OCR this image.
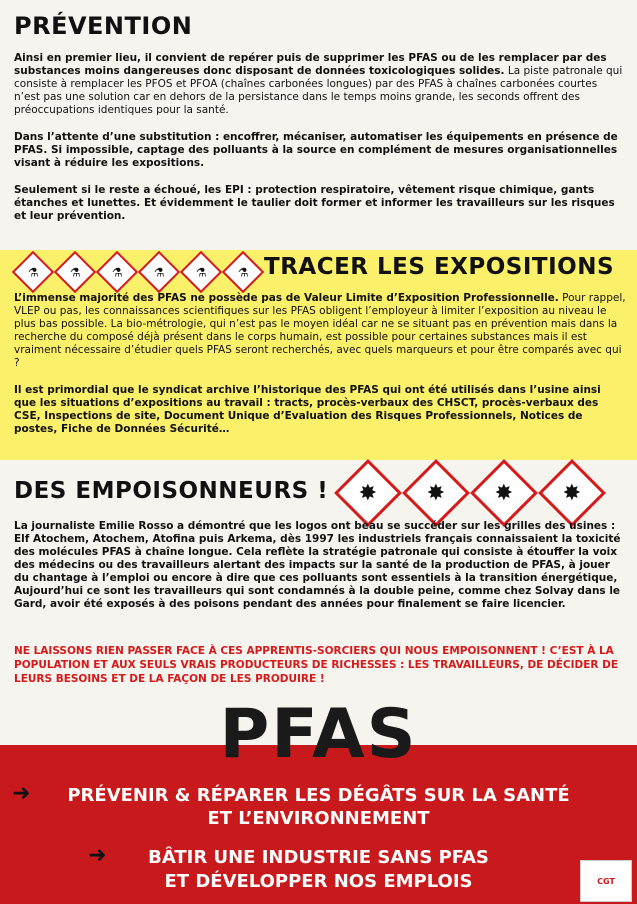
PRÉVENTION

Ainsi en premier lieu, il convient de repérer puis de supprimer les PFAS ou de les remplacer par des substances moins dangereuses donc disposant de données toxicologiques solides. La piste patronale qui consiste à remplacer les PFOS et PFOA (chaînes carbonées longues) par des PFAS à chaînes carbonées courtes n’est pas une solution car en dehors de la persistance dans le temps moins grande, les seconds offrent des préoccupations identiques pour la santé.

Dans l’attente d’une substitution : encoffrer, mécaniser, automatiser les équipements en présence de PFAS. Si impossible, captage des polluants à la source en complément de mesures organisationnelles visant à réduire les expositions.

Seulement si le reste a échoué, les EPI : protection respiratoire, vêtement risque chimique, gants étanches et lunettes. Et évidemment le taulier doit former et informer les travailleurs sur les risques et leur prévention.

⚗	⚗	⚗	⚗	⚗	⚗ TRACER LES EXPOSITIONS

L’immense majorité des PFAS ne possède pas de Valeur Limite d’Exposition Professionnelle. Pour rappel, VLEP ou pas, les connaissances scientifiques sur les PFAS obligent l’employeur à limiter l’exposition au niveau le plus bas possible. La bio-métrologie, qui n’est pas le moyen idéal car ne se situant pas en prévention mais dans la recherche du composé déjà présent dans le corps humain, est possible pour certaines substances mais il est vraiment nécessaire d’étudier quels PFAS seront recherchés, avec quels marqueurs et pour être comparés avec qui ?

Il est primordial que le syndicat archive l’historique des PFAS qui ont été utilisés dans l’usine ainsi que les situations d’expositions au travail : tracts, procès-verbaux des CHSCT, procès-verbaux des CSE, Inspections de site, Document Unique d’Evaluation des Risques Professionnels, Notices de postes, Fiche de Données Sécurité…

DES EMPOISONNEURS ! ✸ ✸ ✸ ✸

La journaliste Emilie Rosso a démontré que les logos ont beau se succéder sur les grilles des usines : Elf Atochem, Atochem, Atofina puis Arkema, dès 1997 les industriels français connaissaient la toxicité des molécules PFAS à chaîne longue. Cela reflète la stratégie patronale qui consiste à étouffer la voix des médecins ou des travailleurs alertant des impacts sur la santé de la production de PFAS, à jouer du chantage à l’emploi ou encore à dire que ces polluants sont essentiels à la transition énergétique, Aujourd’hui ce sont les travailleurs qui sont condamnés à la double peine, comme chez Solvay dans le Gard, avoir été exposés à des poisons pendant des années pour finalement se faire licencier.

NE LAISSONS RIEN PASSER FACE À CES APPRENTIS-SORCIERS QUI NOUS EMPOISONNENT ! C’EST À LA POPULATION ET AUX SEULS VRAIS PRODUCTEURS DE RICHESSES : LES TRAVAILLEURS, DE DÉCIDER DE LEURS BESOINS ET DE LA FAÇON DE LES PRODUIRE !
PFAS
➜	PRÉVENIR & RÉPARER LES DÉGÂTS SUR LA SANTÉ
ET L’ENVIRONNEMENT
➜	BÂTIR UNE INDUSTRIE SANS PFAS
ET DÉVELOPPER NOS EMPLOIS	CGT
